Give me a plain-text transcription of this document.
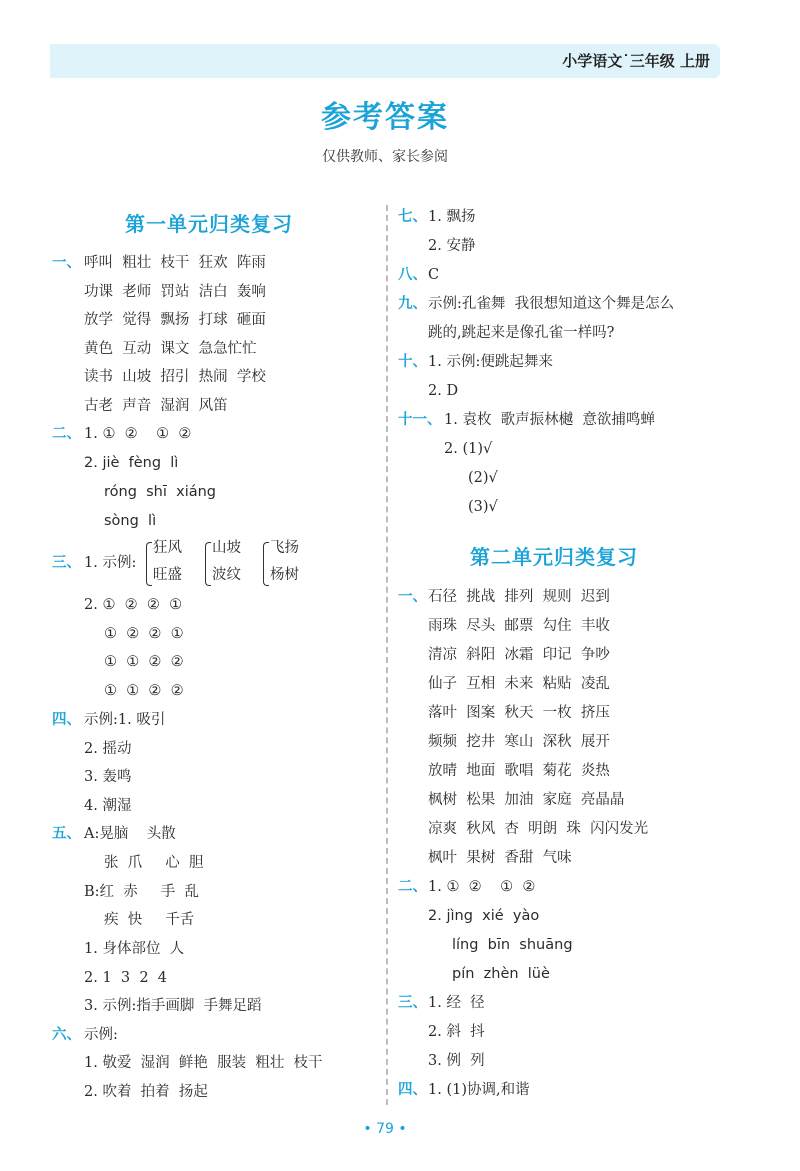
小学语文˙三年级 上册
参考答案
仅供教师、家长参阅
第一单元归类复习
一、 呼叫  粗壮  枝干  狂欢  阵雨
功课  老师  罚站  洁白  轰响
放学  觉得  飘扬  打球  砸面
黄色  互动  课文  急急忙忙
读书  山坡  招引  热闹  学校
古老  声音  湿润  风笛
二、 1. ①  ②    ①  ②
2. jiè  fèng  lì
róng  shī  xiáng
sòng  lì
三、 1. 示例:
狂风
旺盛
山坡
波纹
飞扬
杨树
2. ①  ②  ②  ①
①  ②  ②  ①
①  ①  ②  ②
①  ①  ②  ②
四、 示例:1. 吸引
2. 摇动
3. 轰鸣
4. 潮湿
五、 A:晃脑    头散
张  爪     心  胆
B:红  赤     手  乱
疾  快     千舌
1. 身体部位  人
2. 1  3  2  4
3. 示例:指手画脚  手舞足蹈
六、 示例:
1. 敬爱  湿润  鲜艳  服装  粗壮  枝干
2. 吹着  拍着  扬起
七、 1. 飘扬
2. 安静
八、 C
九、 示例:孔雀舞  我很想知道这个舞是怎么
跳的,跳起来是像孔雀一样吗?
十、 1. 示例:便跳起舞来
2. D
十一、 1. 袁枚  歌声振林樾  意欲捕鸣蝉
2. (1)√
(2)√
(3)√
第二单元归类复习
一、 石径  挑战  排列  规则  迟到
雨珠  尽头  邮票  勾住  丰收
清凉  斜阳  冰霜  印记  争吵
仙子  互相  未来  粘贴  凌乱
落叶  图案  秋天  一枚  挤压
频频  挖井  寒山  深秋  展开
放晴  地面  歌唱  菊花  炎热
枫树  松果  加油  家庭  亮晶晶
凉爽  秋风  杏  明朗  珠  闪闪发光
枫叶  果树  香甜  气味
二、 1. ①  ②    ①  ②
2. jìng  xié  yào
líng  bīn  shuāng
pín  zhèn  lüè
三、 1. 经  径
2. 斜  抖
3. 例  列
四、 1. (1)协调,和谐
• 79 •
